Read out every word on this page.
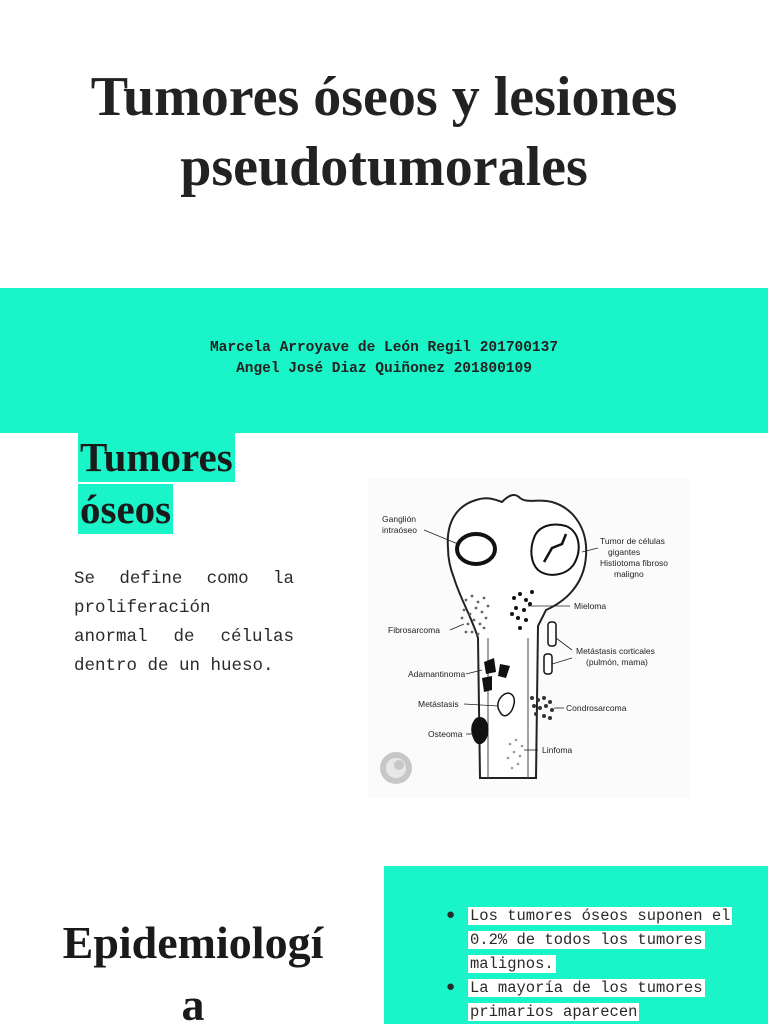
Tumores óseos y lesiones
pseudotumorales
Marcela Arroyave de León Regil 201700137
Angel José Diaz Quiñonez 201800109
Tumores
óseos
Se define como la proliferación anormal de células dentro de un hueso.
Ganglión
intraóseo
Tumor de células
gigantes
Histiotoma fibroso
maligno
Mieloma
Fibrosarcoma
Metástasis corticales
(pulmón, mama)
Adamantinoma
Metástasis	Condrosarcoma
Osteoma
Linfoma
Epidemiologí
a
● Los tumores óseos suponen el 0.2% de todos los tumores malignos.
● La mayoría de los tumores primarios aparecen
